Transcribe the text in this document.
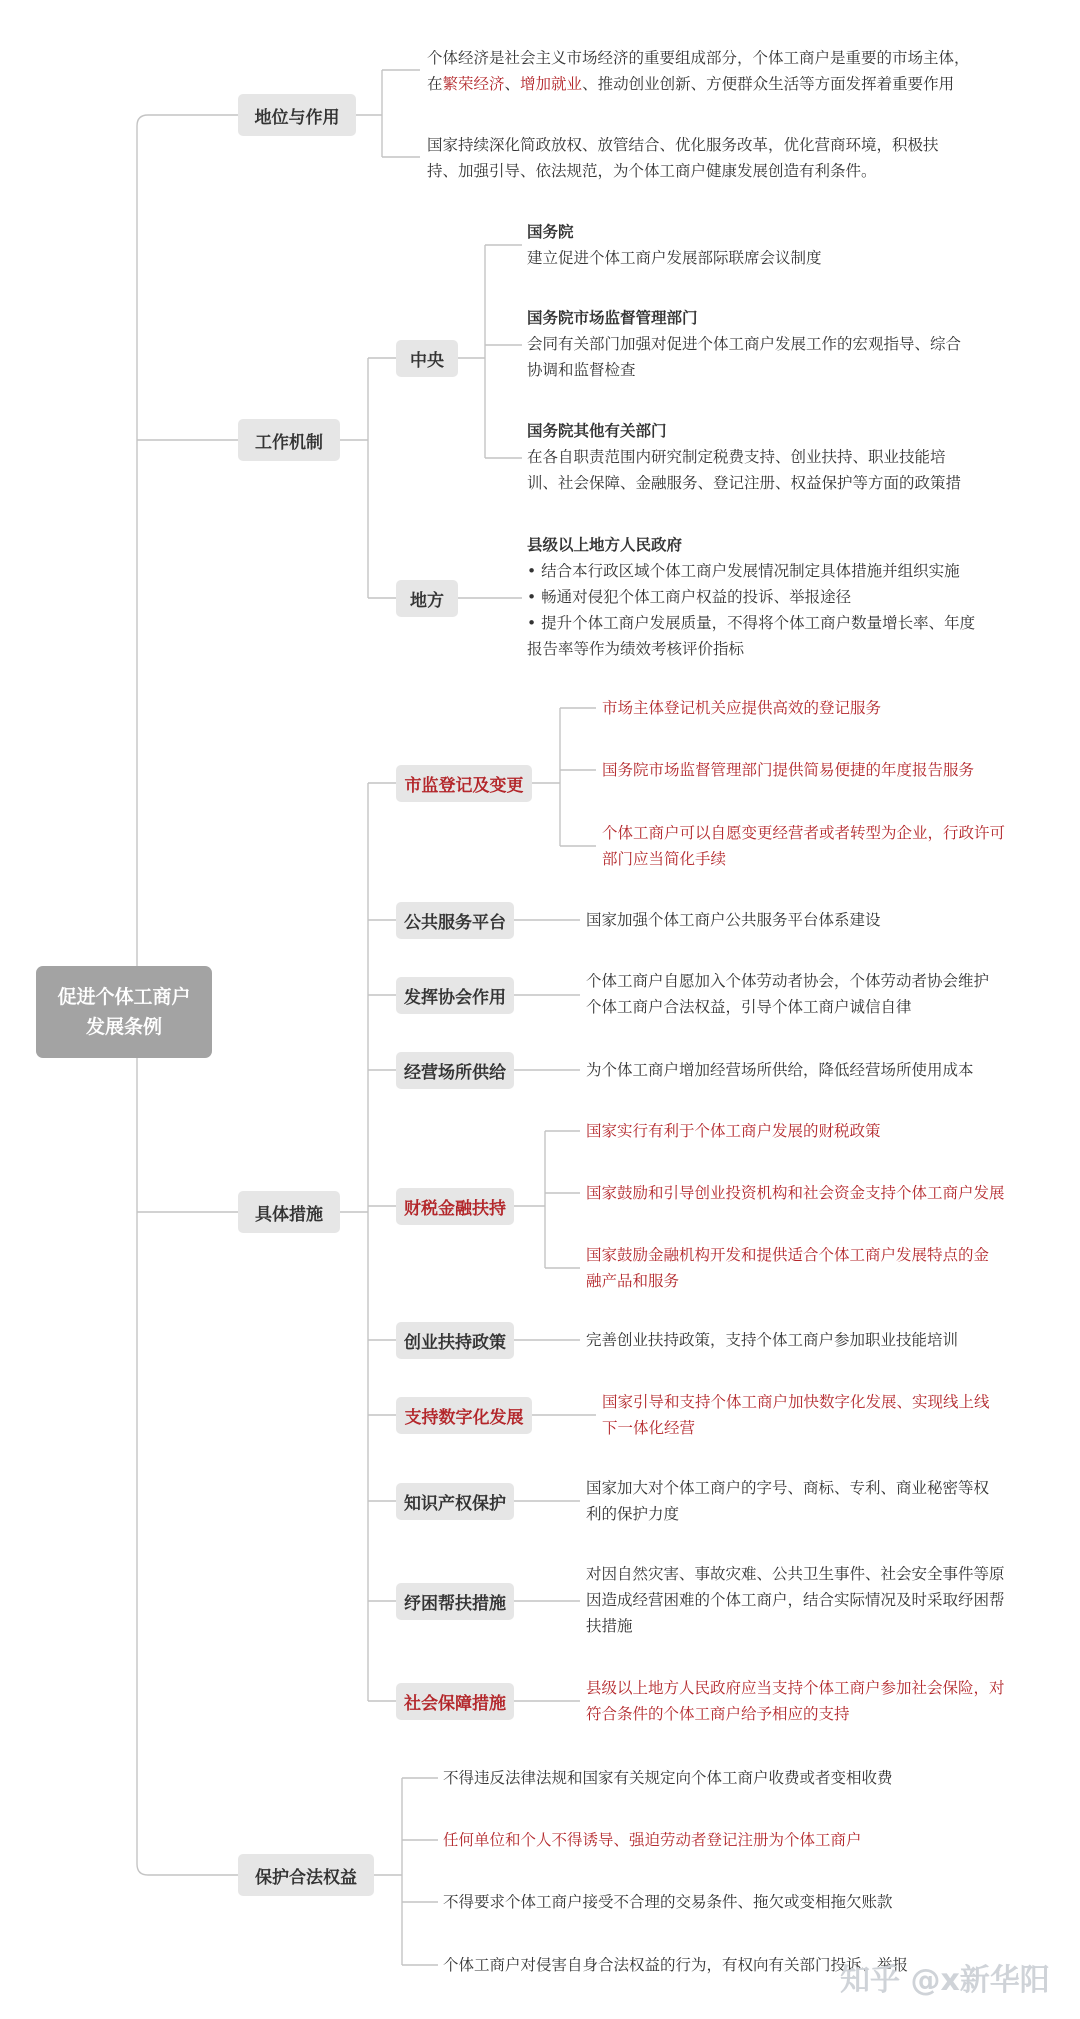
促进个体工商户
发展条例
地位与作用
工作机制
具体措施
保护合法权益
个体经济是社会主义市场经济的重要组成部分，个体工商户是重要的市场主体，
在繁荣经济、增加就业、推动创业创新、方便群众生活等方面发挥着重要作用
国家持续深化简政放权、放管结合、优化服务改革，优化营商环境，积极扶
持、加强引导、依法规范，为个体工商户健康发展创造有利条件。
中央
地方
国务院
建立促进个体工商户发展部际联席会议制度
国务院市场监督管理部门
会同有关部门加强对促进个体工商户发展工作的宏观指导、综合
协调和监督检查
国务院其他有关部门
在各自职责范围内研究制定税费支持、创业扶持、职业技能培
训、社会保障、金融服务、登记注册、权益保护等方面的政策措
县级以上地方人民政府
• 结合本行政区域个体工商户发展情况制定具体措施并组织实施
• 畅通对侵犯个体工商户权益的投诉、举报途径
• 提升个体工商户发展质量，不得将个体工商户数量增长率、年度
报告率等作为绩效考核评价指标
市监登记及变更
公共服务平台
发挥协会作用
经营场所供给
财税金融扶持
创业扶持政策
支持数字化发展
知识产权保护
纾困帮扶措施
社会保障措施
市场主体登记机关应提供高效的登记服务
国务院市场监督管理部门提供简易便捷的年度报告服务
个体工商户可以自愿变更经营者或者转型为企业，行政许可
部门应当简化手续
国家加强个体工商户公共服务平台体系建设
个体工商户自愿加入个体劳动者协会，个体劳动者协会维护
个体工商户合法权益，引导个体工商户诚信自律
为个体工商户增加经营场所供给，降低经营场所使用成本
国家实行有利于个体工商户发展的财税政策
国家鼓励和引导创业投资机构和社会资金支持个体工商户发展
国家鼓励金融机构开发和提供适合个体工商户发展特点的金
融产品和服务
完善创业扶持政策，支持个体工商户参加职业技能培训
国家引导和支持个体工商户加快数字化发展、实现线上线
下一体化经营
国家加大对个体工商户的字号、商标、专利、商业秘密等权
利的保护力度
对因自然灾害、事故灾难、公共卫生事件、社会安全事件等原
因造成经营困难的个体工商户，结合实际情况及时采取纾困帮
扶措施
县级以上地方人民政府应当支持个体工商户参加社会保险，对
符合条件的个体工商户给予相应的支持
不得违反法律法规和国家有关规定向个体工商户收费或者变相收费
任何单位和个人不得诱导、强迫劳动者登记注册为个体工商户
不得要求个体工商户接受不合理的交易条件、拖欠或变相拖欠账款
个体工商户对侵害自身合法权益的行为，有权向有关部门投诉、举报
知乎 @x新华阳
